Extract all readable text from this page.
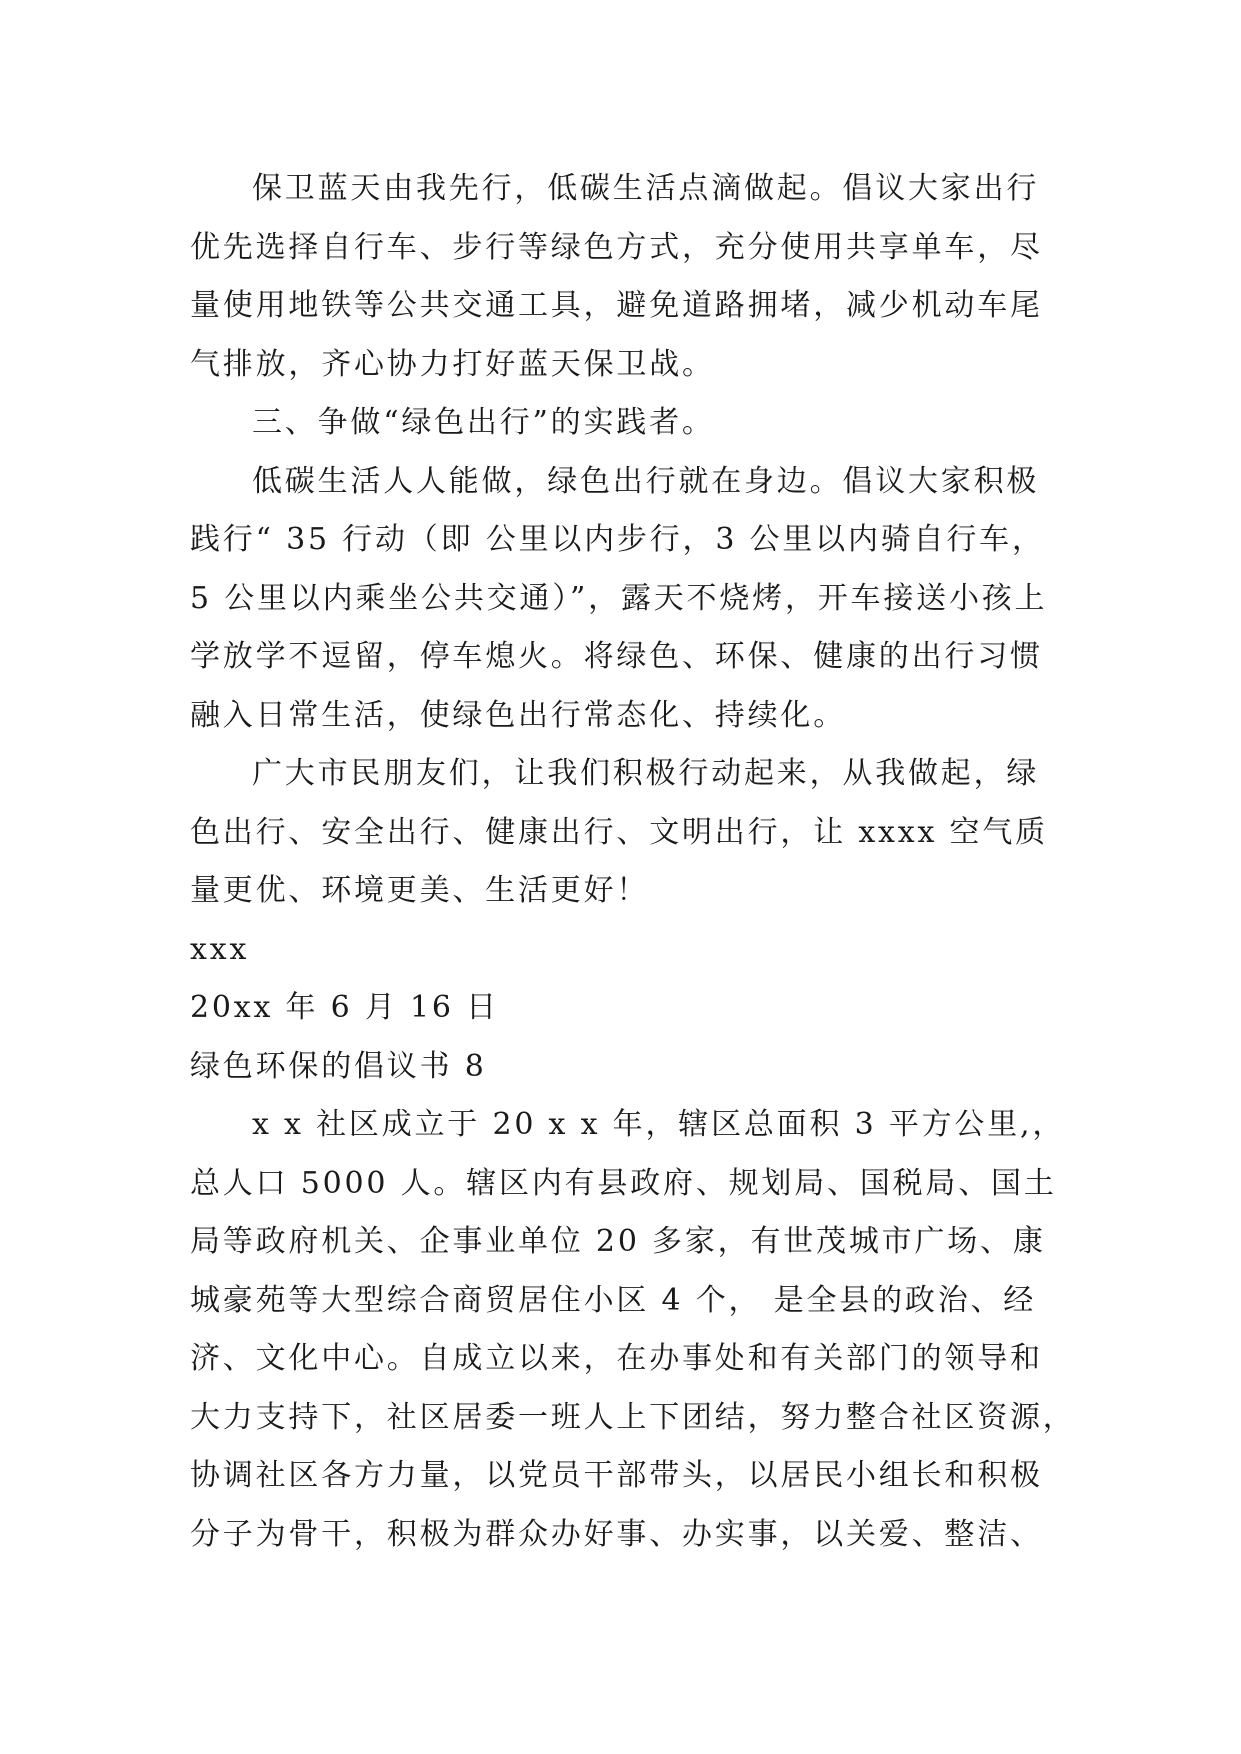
保卫蓝天由我先行，低碳生活点滴做起。倡议大家出行
优先选择自行车、步行等绿色方式，充分使用共享单车，尽
量使用地铁等公共交通工具，避免道路拥堵，减少机动车尾
气排放，齐心协力打好蓝天保卫战。
三、争做“绿色出行”的实践者。
低碳生活人人能做，绿色出行就在身边。倡议大家积极
践行“ 35 行动（即 公里以内步行，3 公里以内骑自行车，
5 公里以内乘坐公共交通）”，露天不烧烤，开车接送小孩上
学放学不逗留，停车熄火。将绿色、环保、健康的出行习惯
融入日常生活，使绿色出行常态化、持续化。
广大市民朋友们，让我们积极行动起来，从我做起，绿
色出行、安全出行、健康出行、文明出行，让 xxxx 空气质
量更优、环境更美、生活更好！
xxx
20xx 年 6 月 16 日
绿色环保的倡议书 8
x x 社区成立于 20 x x 年，辖区总面积 3 平方公里,，
总人口 5000 人。辖区内有县政府、规划局、国税局、国土
局等政府机关、企事业单位 20 多家，有世茂城市广场、康
城豪苑等大型综合商贸居住小区 4 个， 是全县的政治、经
济、文化中心。自成立以来，在办事处和有关部门的领导和
大力支持下，社区居委一班人上下团结，努力整合社区资源，
协调社区各方力量，以党员干部带头，以居民小组长和积极
分子为骨干，积极为群众办好事、办实事，以关爱、整洁、
